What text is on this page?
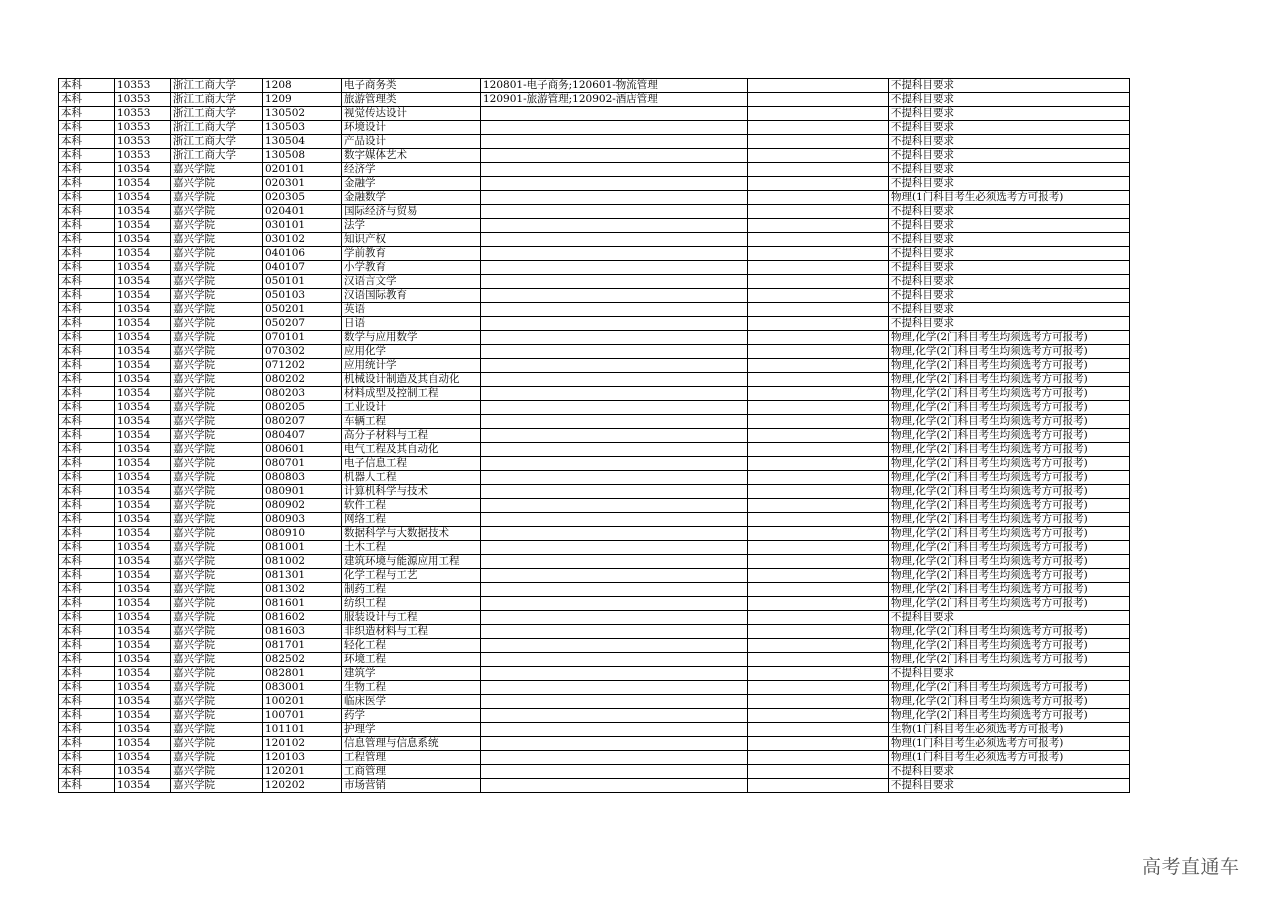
本科	10353	浙江工商大学	1208	电子商务类	120801-电子商务;120601-物流管理		不提科目要求
本科	10353	浙江工商大学	1209	旅游管理类	120901-旅游管理;120902-酒店管理		不提科目要求
本科	10353	浙江工商大学	130502	视觉传达设计			不提科目要求
本科	10353	浙江工商大学	130503	环境设计			不提科目要求
本科	10353	浙江工商大学	130504	产品设计			不提科目要求
本科	10353	浙江工商大学	130508	数字媒体艺术			不提科目要求
本科	10354	嘉兴学院	020101	经济学			不提科目要求
本科	10354	嘉兴学院	020301	金融学			不提科目要求
本科	10354	嘉兴学院	020305	金融数学			物理(1门科目考生必须选考方可报考)
本科	10354	嘉兴学院	020401	国际经济与贸易			不提科目要求
本科	10354	嘉兴学院	030101	法学			不提科目要求
本科	10354	嘉兴学院	030102	知识产权			不提科目要求
本科	10354	嘉兴学院	040106	学前教育			不提科目要求
本科	10354	嘉兴学院	040107	小学教育			不提科目要求
本科	10354	嘉兴学院	050101	汉语言文学			不提科目要求
本科	10354	嘉兴学院	050103	汉语国际教育			不提科目要求
本科	10354	嘉兴学院	050201	英语			不提科目要求
本科	10354	嘉兴学院	050207	日语			不提科目要求
本科	10354	嘉兴学院	070101	数学与应用数学			物理,化学(2门科目考生均须选考方可报考)
本科	10354	嘉兴学院	070302	应用化学			物理,化学(2门科目考生均须选考方可报考)
本科	10354	嘉兴学院	071202	应用统计学			物理,化学(2门科目考生均须选考方可报考)
本科	10354	嘉兴学院	080202	机械设计制造及其自动化			物理,化学(2门科目考生均须选考方可报考)
本科	10354	嘉兴学院	080203	材料成型及控制工程			物理,化学(2门科目考生均须选考方可报考)
本科	10354	嘉兴学院	080205	工业设计			物理,化学(2门科目考生均须选考方可报考)
本科	10354	嘉兴学院	080207	车辆工程			物理,化学(2门科目考生均须选考方可报考)
本科	10354	嘉兴学院	080407	高分子材料与工程			物理,化学(2门科目考生均须选考方可报考)
本科	10354	嘉兴学院	080601	电气工程及其自动化			物理,化学(2门科目考生均须选考方可报考)
本科	10354	嘉兴学院	080701	电子信息工程			物理,化学(2门科目考生均须选考方可报考)
本科	10354	嘉兴学院	080803	机器人工程			物理,化学(2门科目考生均须选考方可报考)
本科	10354	嘉兴学院	080901	计算机科学与技术			物理,化学(2门科目考生均须选考方可报考)
本科	10354	嘉兴学院	080902	软件工程			物理,化学(2门科目考生均须选考方可报考)
本科	10354	嘉兴学院	080903	网络工程			物理,化学(2门科目考生均须选考方可报考)
本科	10354	嘉兴学院	080910	数据科学与大数据技术			物理,化学(2门科目考生均须选考方可报考)
本科	10354	嘉兴学院	081001	土木工程			物理,化学(2门科目考生均须选考方可报考)
本科	10354	嘉兴学院	081002	建筑环境与能源应用工程			物理,化学(2门科目考生均须选考方可报考)
本科	10354	嘉兴学院	081301	化学工程与工艺			物理,化学(2门科目考生均须选考方可报考)
本科	10354	嘉兴学院	081302	制药工程			物理,化学(2门科目考生均须选考方可报考)
本科	10354	嘉兴学院	081601	纺织工程			物理,化学(2门科目考生均须选考方可报考)
本科	10354	嘉兴学院	081602	服装设计与工程			不提科目要求
本科	10354	嘉兴学院	081603	非织造材料与工程			物理,化学(2门科目考生均须选考方可报考)
本科	10354	嘉兴学院	081701	轻化工程			物理,化学(2门科目考生均须选考方可报考)
本科	10354	嘉兴学院	082502	环境工程			物理,化学(2门科目考生均须选考方可报考)
本科	10354	嘉兴学院	082801	建筑学			不提科目要求
本科	10354	嘉兴学院	083001	生物工程			物理,化学(2门科目考生均须选考方可报考)
本科	10354	嘉兴学院	100201	临床医学			物理,化学(2门科目考生均须选考方可报考)
本科	10354	嘉兴学院	100701	药学			物理,化学(2门科目考生均须选考方可报考)
本科	10354	嘉兴学院	101101	护理学			生物(1门科目考生必须选考方可报考)
本科	10354	嘉兴学院	120102	信息管理与信息系统			物理(1门科目考生必须选考方可报考)
本科	10354	嘉兴学院	120103	工程管理			物理(1门科目考生必须选考方可报考)
本科	10354	嘉兴学院	120201	工商管理			不提科目要求
本科	10354	嘉兴学院	120202	市场营销			不提科目要求
高考直通车
